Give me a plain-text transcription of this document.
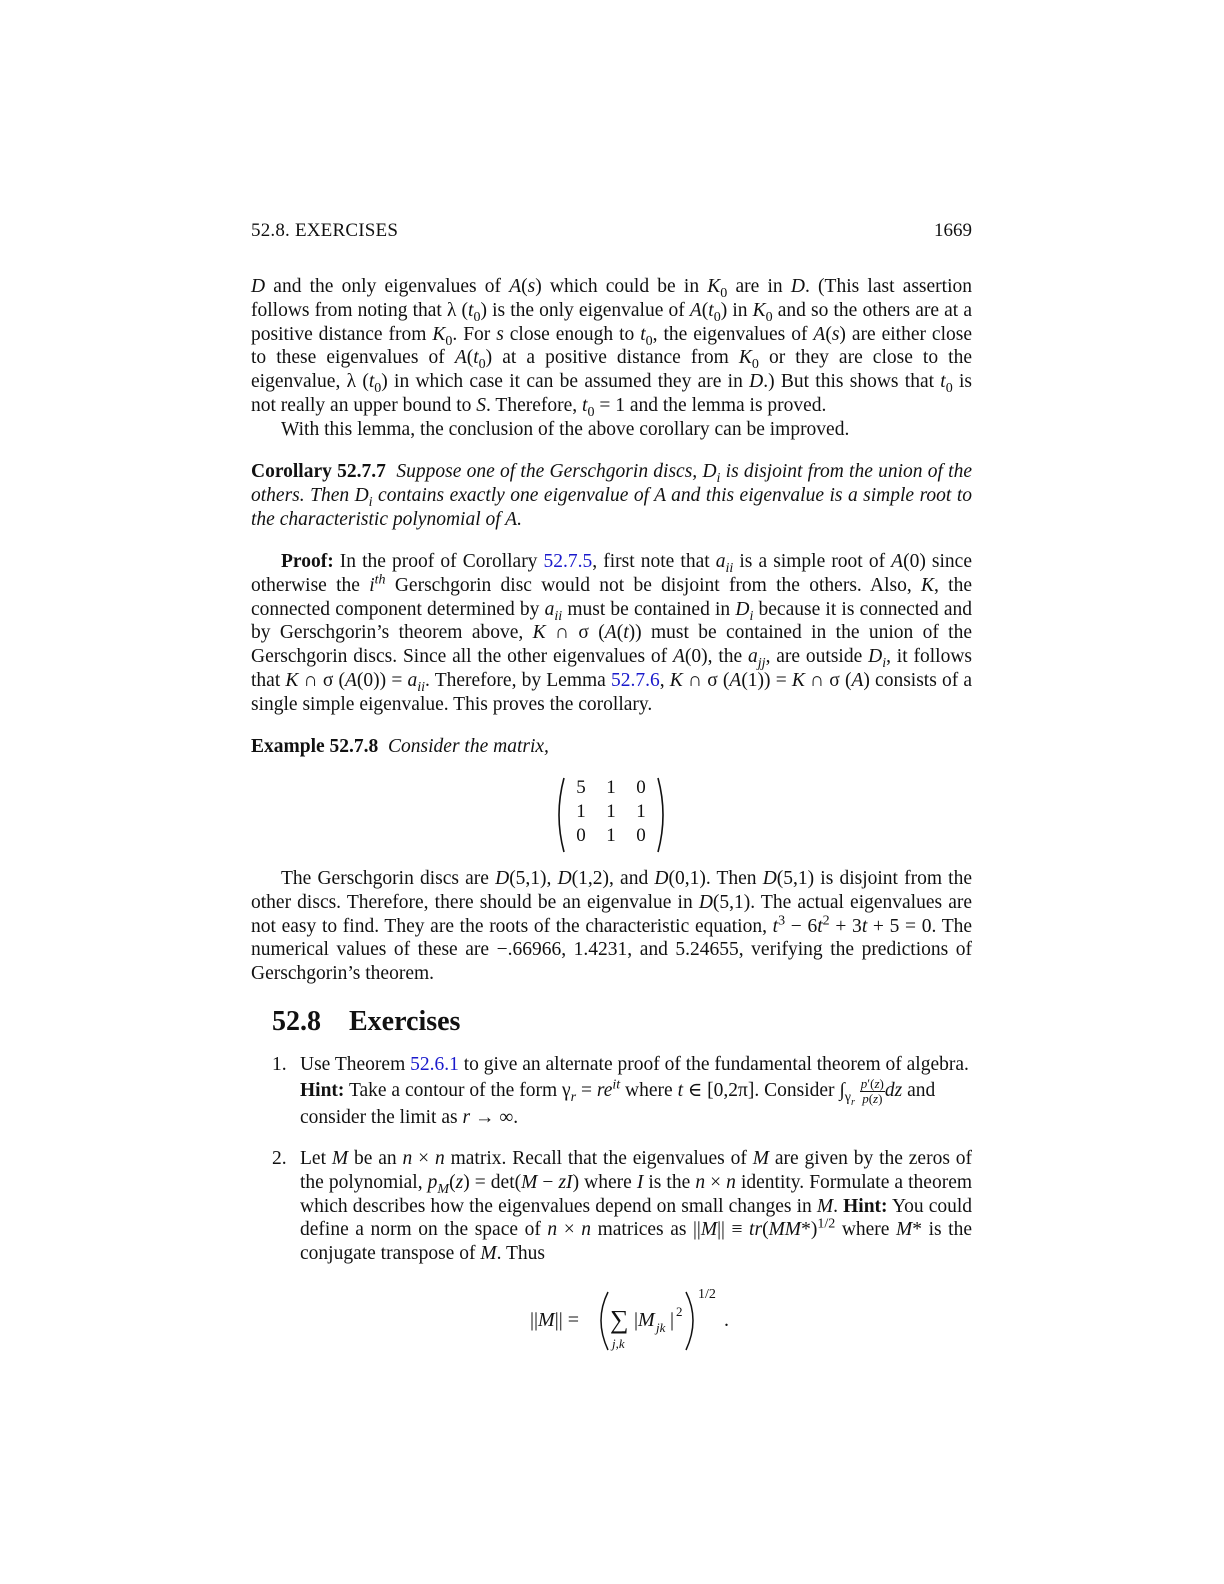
52.8. EXERCISES	1669

D and the only eigenvalues of A(s) which could be in $K_0$ are in D. (This last assertion follows from noting that λ $(t_0)$ is the only eigenvalue of $A(t_0)$ in $K_0$ and so the others are at a positive distance from $K_0$. For s close enough to $t_0$, the eigenvalues of A(s) are either close to these eigenvalues of $A(t_0)$ at a positive distance from $K_0$ or they are close to the eigenvalue, λ $(t_0)$ in which case it can be assumed they are in D.) But this shows that $t_0$ is not really an upper bound to S. Therefore, $t_0 = 1$ and the lemma is proved.

With this lemma, the conclusion of the above corollary can be improved.

Corollary 52.7.7 Suppose one of the Gerschgorin discs, $D_i$ is disjoint from the union of the others. Then $D_i$ contains exactly one eigenvalue of A and this eigenvalue is a simple root to the characteristic polynomial of A.

Proof: In the proof of Corollary 52.7.5, first note that $a_{ii}$ is a simple root of A(0) since otherwise the $i^{th}$ Gerschgorin disc would not be disjoint from the others. Also, K, the connected component determined by $a_{ii}$ must be contained in $D_i$ because it is connected and by Gerschgorin’s theorem above, K ∩ σ (A(t)) must be contained in the union of the Gerschgorin discs. Since all the other eigenvalues of A(0), the $a_{jj}$, are outside $D_i$, it follows that K ∩ σ $(A(0)) = a_{ii}$. Therefore, by Lemma 52.7.6, K ∩ σ (A(1)) = K ∩ σ (A) consists of a single simple eigenvalue. This proves the corollary.

Example 52.7.8 Consider the matrix,

5	1	0
1	1	1
0	1	0

The Gerschgorin discs are D(5,1), D(1,2), and D(0,1). Then D(5,1) is disjoint from the other discs. Therefore, there should be an eigenvalue in D(5,1). The actual eigenvalues are not easy to find. They are the roots of the characteristic equation, $t^3 - 6t^2 + 3t + 5 = 0$. The numerical values of these are −.66966, 1.4231, and 5.24655, verifying the predictions of Gerschgorin’s theorem.

52.8 Exercises
1. Use Theorem 52.6.1 to give an alternate proof of the fundamental theorem of algebra. Hint: Take a contour of the form $\gamma_r = re^{it}$ where t ∈ [0,2π]. Consider $\int_{\gamma_r} \frac{p'(z)}{p(z)}$ dz and consider the limit as r → ∞.

2. Let M be an n × n matrix. Recall that the eigenvalues of M are given by the zeros of the polynomial, $p_M(z) = \det(M - zI)$ where I is the n × n identity. Formulate a theorem which describes how the eigenvalues depend on small changes in M. Hint: You could define a norm on the space of n × n matrices as $||M|| \equiv tr(MM*)^{1/2}$ where M* is the conjugate transpose of M. Thus

||M|| = ∑
j,k
|M jk | 2
1/2
.
